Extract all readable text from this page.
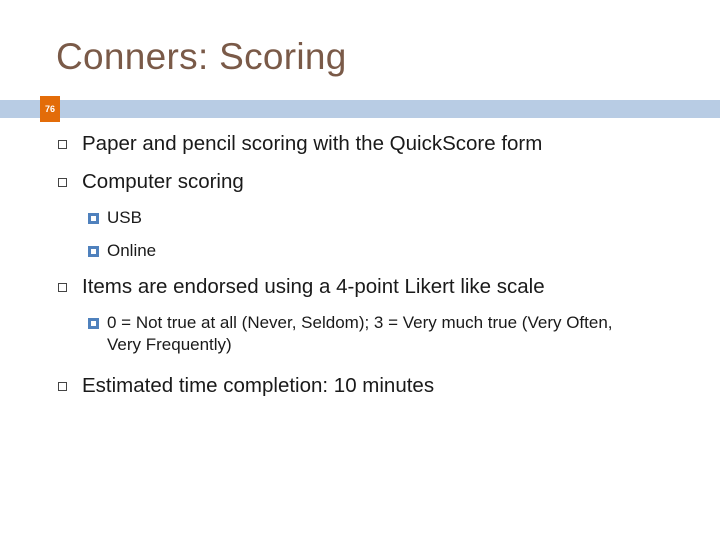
Conners: Scoring
76
Paper and pencil scoring with the QuickScore form
Computer scoring
USB
Online
Items are endorsed using a 4-point Likert like scale
0 = Not true at all (Never, Seldom); 3 = Very much true (Very Often, Very Frequently)
Estimated time completion: 10 minutes
